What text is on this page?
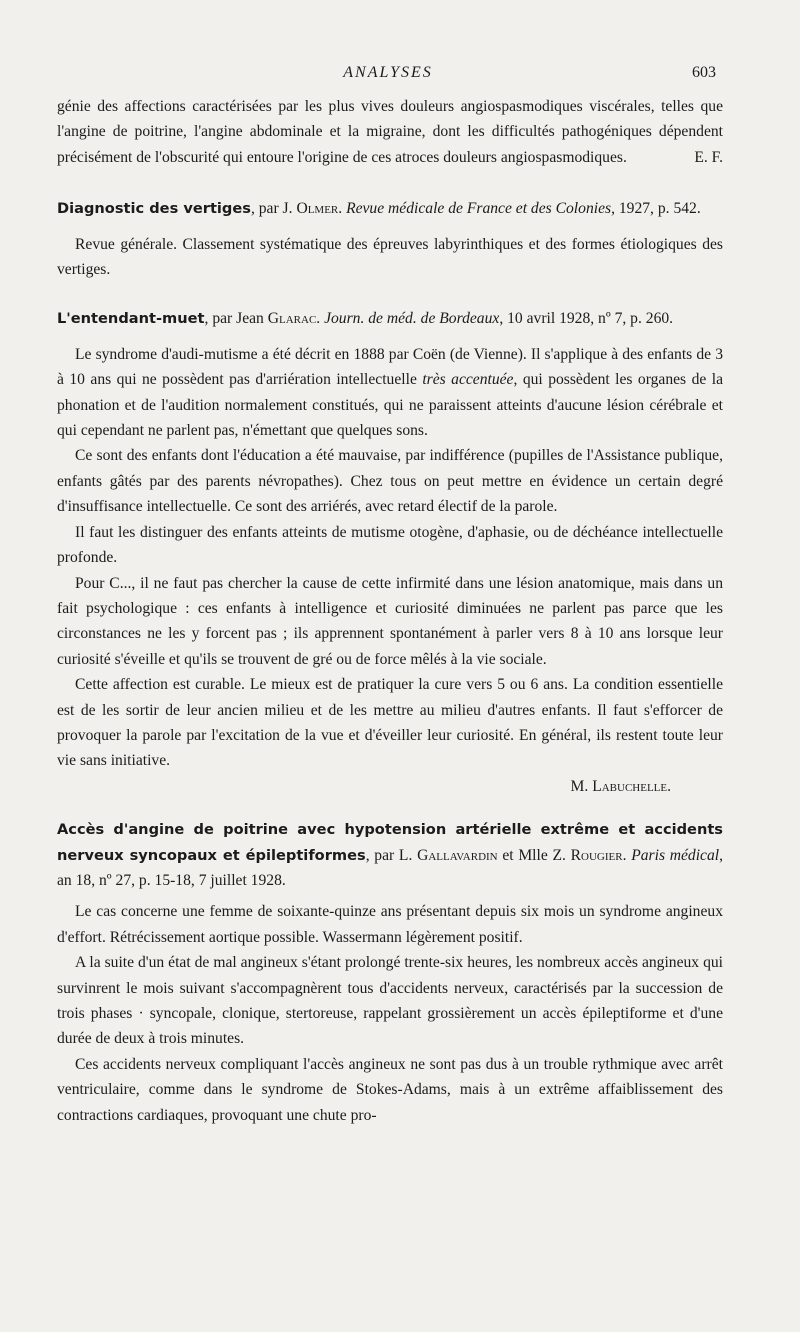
ANALYSES	603

génie des affections caractérisées par les plus vives douleurs angiospasmodiques viscérales, telles que l'angine de poitrine, l'angine abdominale et la migraine, dont les difficultés pathogéniques dépendent précisément de l'obscurité qui entoure l'origine de ces atroces douleurs angiospasmodiques.	E. F.

Diagnostic des vertiges, par J. Olmer. Revue médicale de France et des Colonies, 1927, p. 542.

Revue générale. Classement systématique des épreuves labyrinthiques et des formes étiologiques des vertiges.

L'entendant-muet, par Jean Glarac. Journ. de méd. de Bordeaux, 10 avril 1928, nº 7, p. 260.

Le syndrome d'audi-mutisme a été décrit en 1888 par Coën (de Vienne). Il s'applique à des enfants de 3 à 10 ans qui ne possèdent pas d'arriération intellectuelle très accentuée, qui possèdent les organes de la phonation et de l'audition normalement constitués, qui ne paraissent atteints d'aucune lésion cérébrale et qui cependant ne parlent pas, n'émettant que quelques sons.

Ce sont des enfants dont l'éducation a été mauvaise, par indifférence (pupilles de l'Assistance publique, enfants gâtés par des parents névropathes). Chez tous on peut mettre en évidence un certain degré d'insuffisance intellectuelle. Ce sont des arriérés, avec retard électif de la parole.

Il faut les distinguer des enfants atteints de mutisme otogène, d'aphasie, ou de déchéance intellectuelle profonde.

Pour C..., il ne faut pas chercher la cause de cette infirmité dans une lésion anatomique, mais dans un fait psychologique : ces enfants à intelligence et curiosité diminuées ne parlent pas parce que les circonstances ne les y forcent pas ; ils apprennent spontanément à parler vers 8 à 10 ans lorsque leur curiosité s'éveille et qu'ils se trouvent de gré ou de force mêlés à la vie sociale.

Cette affection est curable. Le mieux est de pratiquer la cure vers 5 ou 6 ans. La condition essentielle est de les sortir de leur ancien milieu et de les mettre au milieu d'autres enfants. Il faut s'efforcer de provoquer la parole par l'excitation de la vue et d'éveiller leur curiosité. En général, ils restent toute leur vie sans initiative.

M. Labuchelle.

Accès d'angine de poitrine avec hypotension artérielle extrême et accidents nerveux syncopaux et épileptiformes, par L. Gallavardin et Mlle Z. Rougier. Paris médical, an 18, nº 27, p. 15-18, 7 juillet 1928.

Le cas concerne une femme de soixante-quinze ans présentant depuis six mois un syndrome angineux d'effort. Rétrécissement aortique possible. Wassermann légèrement positif.

A la suite d'un état de mal angineux s'étant prolongé trente-six heures, les nombreux accès angineux qui survinrent le mois suivant s'accompagnèrent tous d'accidents nerveux, caractérisés par la succession de trois phases · syncopale, clonique, stertoreuse, rappelant grossièrement un accès épileptiforme et d'une durée de deux à trois minutes.

Ces accidents nerveux compliquant l'accès angineux ne sont pas dus à un trouble rythmique avec arrêt ventriculaire, comme dans le syndrome de Stokes-Adams, mais à un extrême affaiblissement des contractions cardiaques, provoquant une chute pro-
